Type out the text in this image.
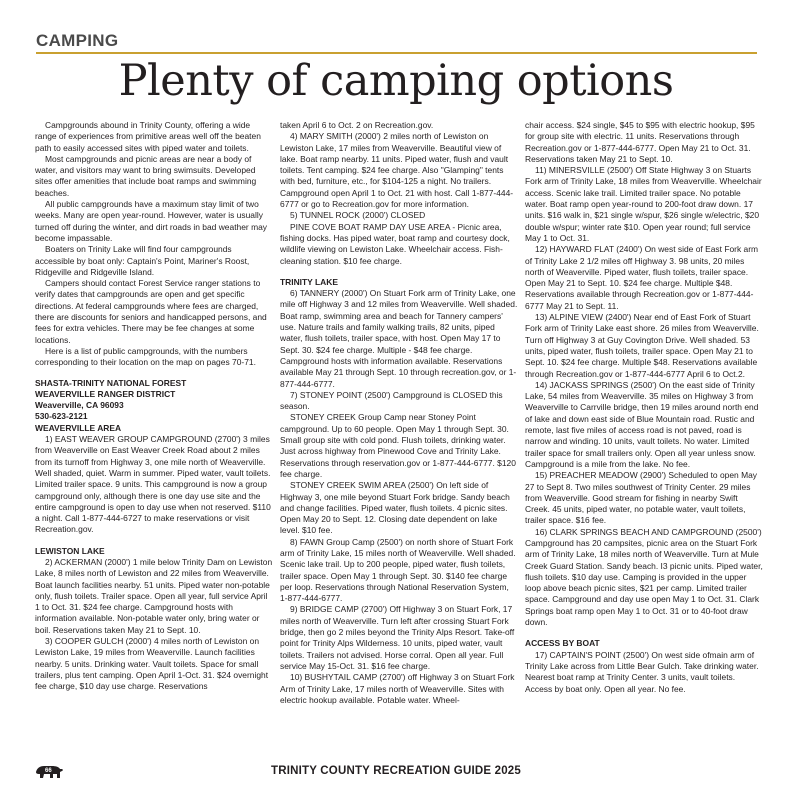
CAMPING
Plenty of camping options

Campgrounds abound in Trinity County, offering a wide range of experiences from primitive areas well off the beaten path to easily accessed sites with piped water and toilets.

Most campgrounds and picnic areas are near a body of water, and visitors may want to bring swimsuits. Developed sites offer amenities that include boat ramps and swimming beaches.

All public campgrounds have a maximum stay limit of two weeks. Many are open year-round. However, water is usually turned off during the winter, and dirt roads in bad weather may become impassable.

Boaters on Trinity Lake will find four campgrounds accessible by boat only: Captain's Point, Mariner's Roost, Ridgeville and Ridgeville Island.

Campers should contact Forest Service ranger stations to verify dates that campgrounds are open and get specific directions. At federal campgrounds where fees are charged, there are discounts for seniors and handicapped persons, and fees for extra vehicles. There may be fee changes at some locations.

Here is a list of public campgrounds, with the numbers corresponding to their location on the map on pages 70-71.

SHASTA-TRINITY NATIONAL FOREST
WEAVERVILLE RANGER DISTRICT
Weaverville, CA 96093
530-623-2121
WEAVERVILLE AREA

1) EAST WEAVER GROUP CAMPGROUND (2700') 3 miles from Weaverville on East Weaver Creek Road about 2 miles from its turnoff from Highway 3, one mile north of Weaverville. Well shaded, quiet. Warm in summer. Piped water, vault toilets. Limited trailer space. 9 units. This campground is now a group campground only, although there is one day use site and the entire campground is open to day use when not reserved. $110 a night. Call 1-877-444-6727 to make reservations or visit Recreation.gov.

LEWISTON LAKE

2) ACKERMAN (2000') 1 mile below Trinity Dam on Lewiston Lake, 8 miles north of Lewiston and 22 miles from Weaverville. Boat launch facilities nearby. 51 units. Piped water non-potable only, flush toilets. Trailer space. Open all year, full service April 1 to Oct. 31. $24 fee charge. Campground hosts with information available. Non-potable water only, bring water or boil. Reservations taken May 21 to Sept. 10.

3) COOPER GULCH (2000') 4 miles north of Lewiston on Lewiston Lake, 19 miles from Weaverville. Launch facilities nearby. 5 units. Drinking water. Vault toilets. Space for small trailers, plus tent camping. Open April 1-Oct. 31. $24 overnight fee charge, $10 day use charge. Reservations

taken April 6 to Oct. 2 on Recreation.gov.

4) MARY SMITH (2000') 2 miles north of Lewiston on Lewiston Lake, 17 miles from Weaverville. Beautiful view of lake. Boat ramp nearby. 11 units. Piped water, flush and vault toilets. Tent camping. $24 fee charge. Also "Glamping" tents with bed, furniture, etc., for $104-125 a night. No trailers. Campground open April 1 to Oct. 21 with host. Call 1-877-444-6777 or go to Recreation.gov for more information.

5) TUNNEL ROCK (2000') CLOSED

PINE COVE BOAT RAMP DAY USE AREA - Picnic area, fishing docks. Has piped water, boat ramp and courtesy dock, wildlife viewing on Lewiston Lake. Wheelchair access. Fish-cleaning station. $10 fee charge.

TRINITY LAKE

6) TANNERY (2000') On Stuart Fork arm of Trinity Lake, one mile off Highway 3 and 12 miles from Weaverville. Well shaded. Boat ramp, swimming area and beach for Tannery campers' use. Nature trails and family walking trails, 82 units, piped water, flush toilets, trailer space, with host. Open May 17 to Sept. 30. $24 fee charge. Multiple - $48 fee charge. Campground hosts with information available. Reservations available May 21 through Sept. 10 through recreation.gov, or 1-877-444-6777.

7) STONEY POINT (2500') Campground is CLOSED this season.

STONEY CREEK Group Camp near Stoney Point campground. Up to 60 people. Open May 1 through Sept. 30. Small group site with cold pond. Flush toilets, drinking water. Just across highway from Pinewood Cove and Trinity Lake. Reservations through reservation.gov or 1-877-444-6777. $120 fee charge.

STONEY CREEK SWIM AREA (2500') On left side of Highway 3, one mile beyond Stuart Fork bridge. Sandy beach and change facilities. Piped water, flush toilets. 4 picnic sites. Open May 20 to Sept. 12. Closing date dependent on lake level. $10 fee.

8) FAWN Group Camp (2500') on north shore of Stuart Fork arm of Trinity Lake, 15 miles north of Weaverville. Well shaded. Scenic lake trail. Up to 200 people, piped water, flush toilets, trailer space. Open May 1 through Sept. 30. $140 fee charge per loop. Reservations through National Reservation System, 1-877-444-6777.

9) BRIDGE CAMP (2700') Off Highway 3 on Stuart Fork, 17 miles north of Weaverville. Turn left after crossing Stuart Fork bridge, then go 2 miles beyond the Trinity Alps Resort. Take-off point for Trinity Alps Wilderness. 10 units, piped water, vault toilets. Trailers not advised. Horse corral. Open all year. Full service May 15-Oct. 31. $16 fee charge.

10) BUSHYTAIL CAMP (2700') off Highway 3 on Stuart Fork Arm of Trinity Lake, 17 miles north of Weaverville. Sites with electric hookup available. Potable water. Wheel-

chair access. $24 single, $45 to $95 with electric hookup, $95 for group site with electric. 11 units. Reservations through Recreation.gov or 1-877-444-6777. Open May 21 to Oct. 31. Reservations taken May 21 to Sept. 10.

11) MINERSVILLE (2500') Off State Highway 3 on Stuarts Fork arm of Trinity Lake, 18 miles from Weaverville. Wheelchair access. Scenic lake trail. Limited trailer space. No potable water. Boat ramp open year-round to 200-foot draw down. 17 units. $16 walk in, $21 single w/spur, $26 single w/electric, $20 double w/spur; winter rate $10. Open year round; full service May 1 to Oct. 31.

12) HAYWARD FLAT (2400') On west side of East Fork arm of Trinity Lake 2 1/2 miles off Highway 3. 98 units, 20 miles north of Weaverville. Piped water, flush toilets, trailer space. Open May 21 to Sept. 10. $24 fee charge. Multiple $48. Reservations available through Recreation.gov or 1-877-444-6777 May 21 to Sept. 11.

13) ALPINE VIEW (2400') Near end of East Fork of Stuart Fork arm of Trinity Lake east shore. 26 miles from Weaverville. Turn off Highway 3 at Guy Covington Drive. Well shaded. 53 units, piped water, flush toilets, trailer space. Open May 21 to Sept. 10. $24 fee charge. Multiple $48. Reservations available through Recreation.gov or 1-877-444-6777 April 6 to Oct.2.

14) JACKASS SPRINGS (2500') On the east side of Trinity Lake, 54 miles from Weaverville. 35 miles on Highway 3 from Weaverville to Carrville bridge, then 19 miles around north end of lake and down east side of Blue Mountain road. Rustic and remote, last five miles of access road is not paved, road is narrow and winding. 10 units, vault toilets. No water. Limited trailer space for small trailers only. Open all year unless snow. Campground is a mile from the lake. No fee.

15) PREACHER MEADOW (2900') Scheduled to open May 27 to Sept 8. Two miles southwest of Trinity Center. 29 miles from Weaverville. Good stream for fishing in nearby Swift Creek. 45 units, piped water, no potable water, vault toilets, trailer space. $16 fee.

16) CLARK SPRINGS BEACH AND CAMPGROUND (2500') Campground has 20 campsites, picnic area on the Stuart Fork arm of Trinity Lake, 18 miles north of Weaverville. Turn at Mule Creek Guard Station. Sandy beach. I3 picnic units. Piped water, flush toilets. $10 day use. Camping is provided in the upper loop above beach picnic sites, $21 per camp. Limited trailer space. Campground and day use open May 1 to Oct. 31. Clark Springs boat ramp open May 1 to Oct. 31 or to 40-foot draw down.

ACCESS BY BOAT

17) CAPTAIN'S POINT (2500') On west side ofmain arm of Trinity Lake across from Little Bear Gulch. Take drinking water. Nearest boat ramp at Trinity Center. 3 units, vault toilets. Access by boat only. Open all year. No fee.

66	TRINITY COUNTY RECREATION GUIDE 2025
